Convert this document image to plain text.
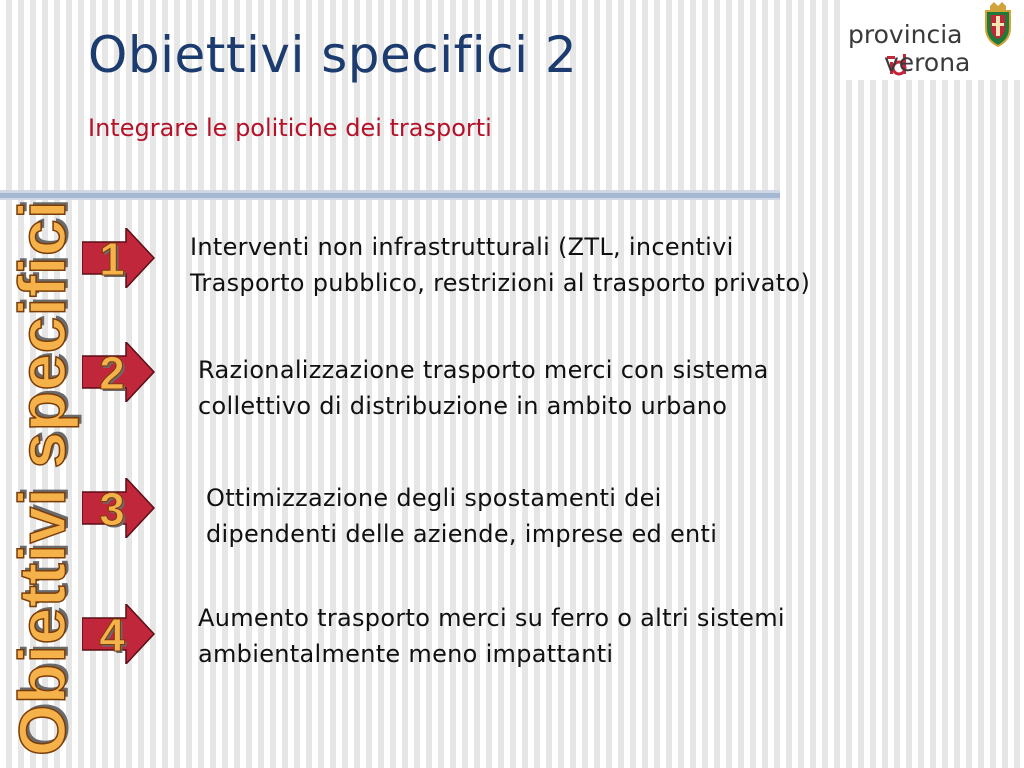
Obiettivi specifici 2
Integrare le politiche dei trasporti
provincia
verona
Obiettivi specifici 1	Interventi non infrastrutturali (ZTL, incentivi
Trasporto pubblico, restrizioni al trasporto privato)
2	Razionalizzazione trasporto merci con sistema
collettivo di distribuzione in ambito urbano
3	Ottimizzazione degli spostamenti dei
dipendenti delle aziende, imprese ed enti
4	Aumento trasporto merci su ferro o altri sistemi
ambientalmente meno impattanti
